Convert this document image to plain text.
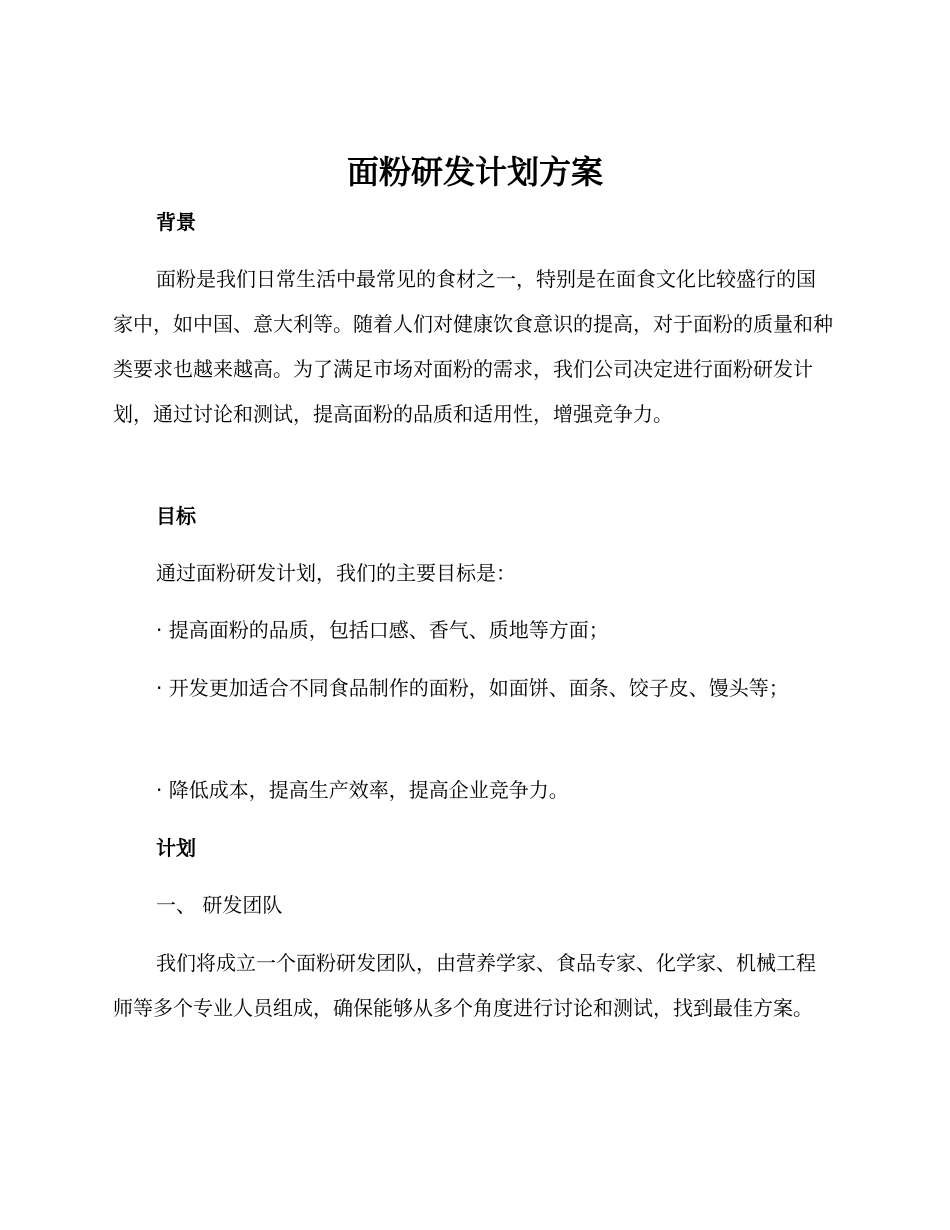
面粉研发计划方案
背景

面粉是我们日常生活中最常见的食材之一，特别是在面食文化比较盛行的国家中，如中国、意大利等。随着人们对健康饮食意识的提高，对于面粉的质量和种类要求也越来越高。为了满足市场对面粉的需求，我们公司决定进行面粉研发计划，通过讨论和测试，提高面粉的品质和适用性，增强竞争力。

目标

通过面粉研发计划，我们的主要目标是：

· 提高面粉的品质，包括口感、香气、质地等方面；

· 开发更加适合不同食品制作的面粉，如面饼、面条、饺子皮、馒头等；

· 降低成本，提高生产效率，提高企业竞争力。

计划

一、 研发团队

我们将成立一个面粉研发团队，由营养学家、食品专家、化学家、机械工程师等多个专业人员组成，确保能够从多个角度进行讨论和测试，找到最佳方案。
